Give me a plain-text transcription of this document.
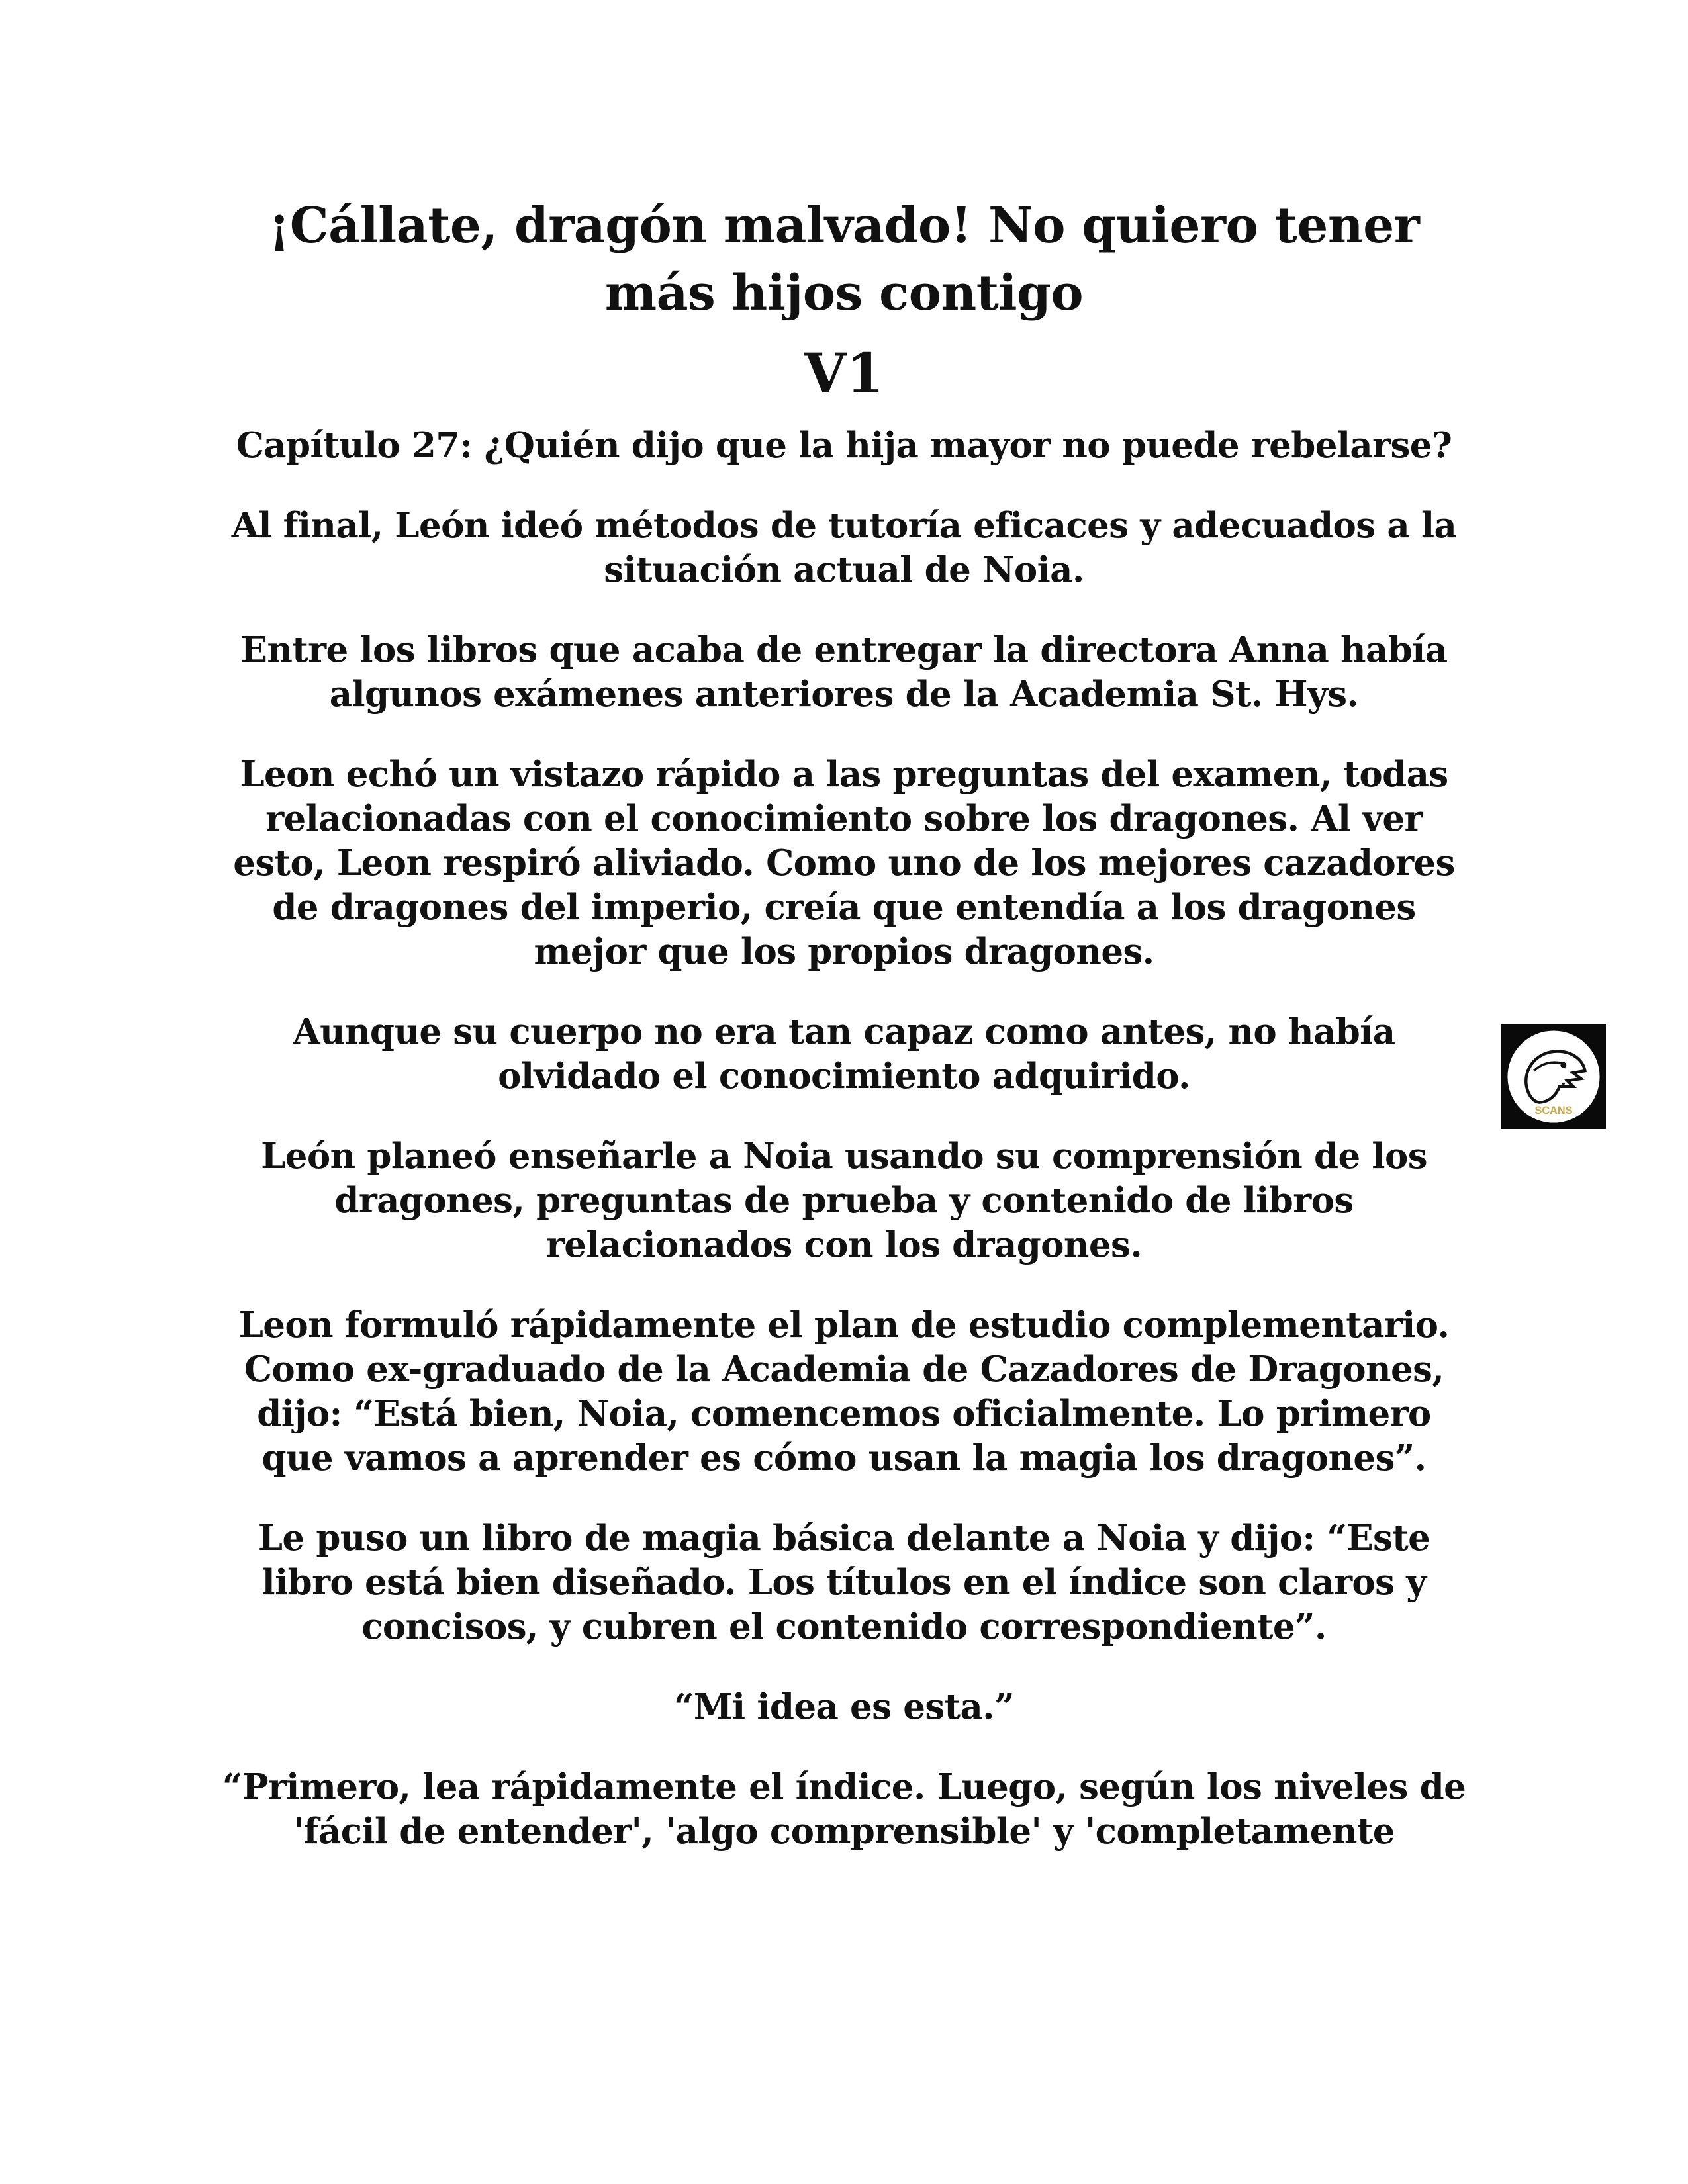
¡Cállate, dragón malvado! No quiero tener
más hijos contigo
V1

Capítulo 27: ¿Quién dijo que la hija mayor no puede rebelarse?

Al final, León ideó métodos de tutoría eficaces y adecuados a la situación actual de Noia.

Entre los libros que acaba de entregar la directora Anna había algunos exámenes anteriores de la Academia St. Hys.

Leon echó un vistazo rápido a las preguntas del examen, todas relacionadas con el conocimiento sobre los dragones. Al ver esto, Leon respiró aliviado. Como uno de los mejores cazadores de dragones del imperio, creía que entendía a los dragones mejor que los propios dragones.

Aunque su cuerpo no era tan capaz como antes, no había olvidado el conocimiento adquirido.

León planeó enseñarle a Noia usando su comprensión de los dragones, preguntas de prueba y contenido de libros relacionados con los dragones.

Leon formuló rápidamente el plan de estudio complementario. Como ex-graduado de la Academia de Cazadores de Dragones, dijo: “Está bien, Noia, comencemos oficialmente. Lo primero que vamos a aprender es cómo usan la magia los dragones”.

Le puso un libro de magia básica delante a Noia y dijo: “Este libro está bien diseñado. Los títulos en el índice son claros y concisos, y cubren el contenido correspondiente”.

“Mi idea es esta.”

“Primero, lea rápidamente el índice. Luego, según los niveles de 'fácil de entender', 'algo comprensible' y 'completamente

SCANS
